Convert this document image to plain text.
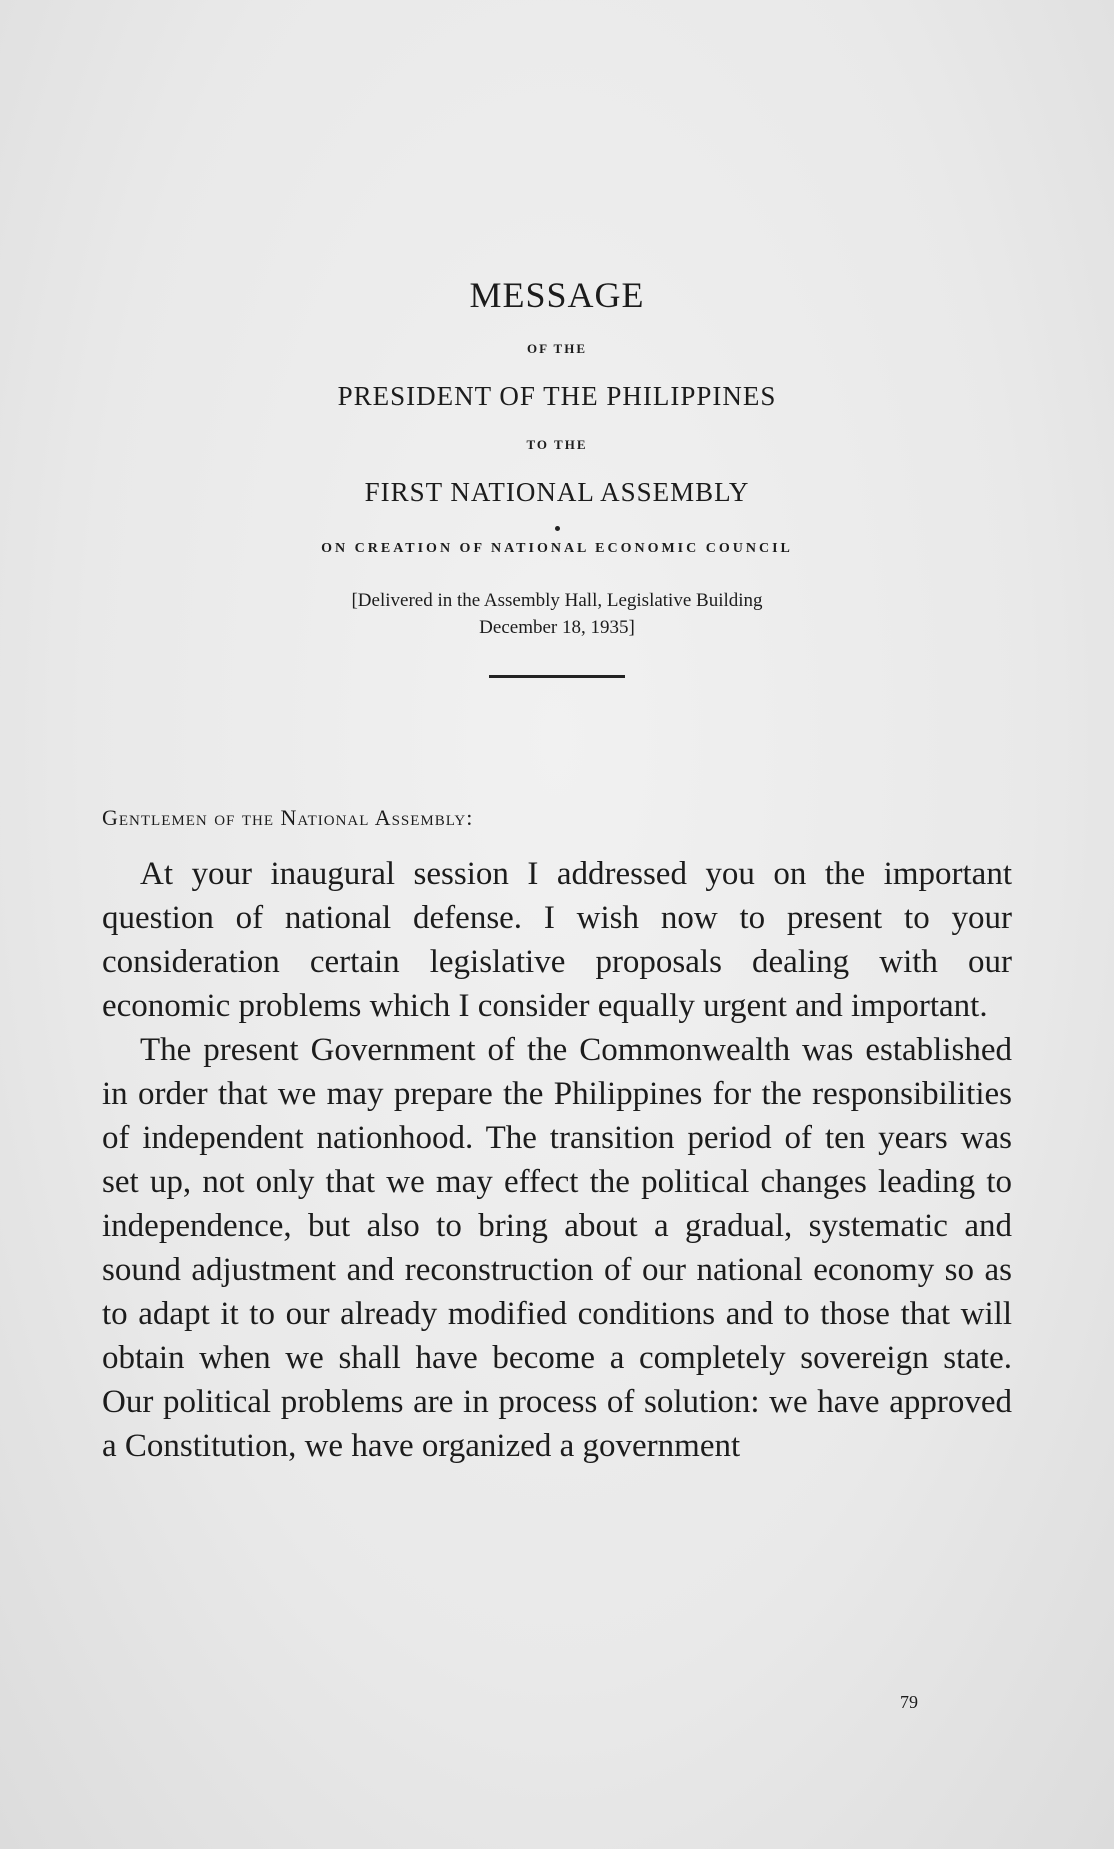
MESSAGE
OF THE
PRESIDENT OF THE PHILIPPINES
TO THE
FIRST NATIONAL ASSEMBLY
ON CREATION OF NATIONAL ECONOMIC COUNCIL
[Delivered in the Assembly Hall, Legislative Building
December 18, 1935]
Gentlemen of the National Assembly:

At your inaugural session I addressed you on the important question of national defense. I wish now to present to your consideration certain legislative proposals dealing with our economic problems which I consider equally urgent and important.

The present Government of the Commonwealth was established in order that we may prepare the Philippines for the responsibilities of independent nationhood. The transition period of ten years was set up, not only that we may effect the political changes leading to independence, but also to bring about a gradual, systematic and sound adjustment and reconstruction of our national economy so as to adapt it to our already modified conditions and to those that will obtain when we shall have become a completely sovereign state. Our political problems are in process of solution: we have approved a Constitution, we have organized a government

79
